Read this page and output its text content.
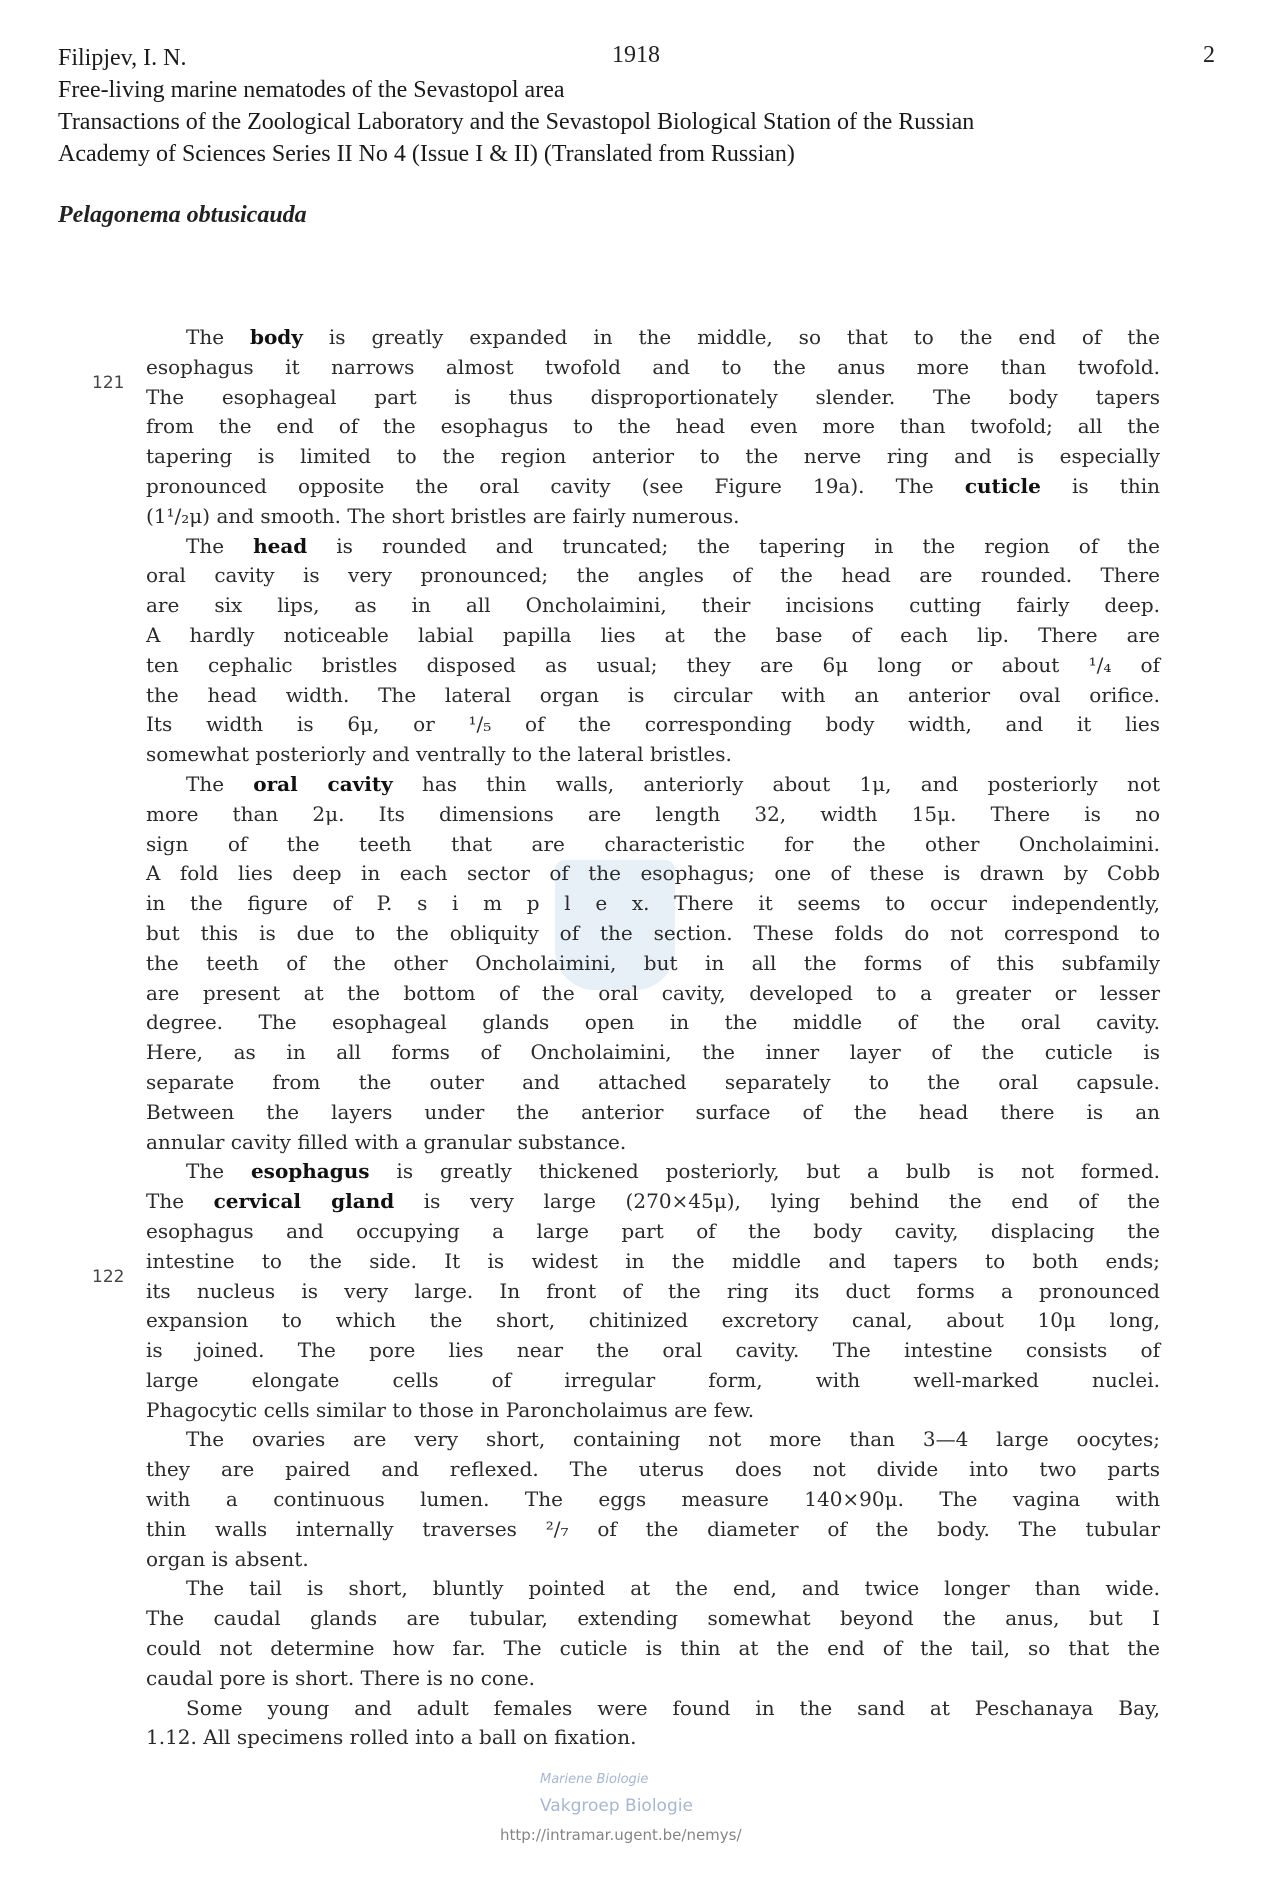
Filipjev, I. N.	1918	2
Free-living marine nematodes of the Sevastopol area
Transactions of the Zoological Laboratory and the Sevastopol Biological Station of the Russian
Academy of Sciences Series II No 4 (Issue I & II) (Translated from Russian)
Pelagonema obtusicauda
121
122
The body is greatly expanded in the middle, so that to the end of the
esophagus it narrows almost twofold and to the anus more than twofold.
The esophageal part is thus disproportionately slender. The body tapers
from the end of the esophagus to the head even more than twofold; all the
tapering is limited to the region anterior to the nerve ring and is especially
pronounced opposite the oral cavity (see Figure 19a). The cuticle is thin
(1¹/₂μ) and smooth. The short bristles are fairly numerous.
The head is rounded and truncated; the tapering in the region of the
oral cavity is very pronounced; the angles of the head are rounded. There
are six lips, as in all Oncholaimini, their incisions cutting fairly deep.
A hardly noticeable labial papilla lies at the base of each lip. There are
ten cephalic bristles disposed as usual; they are 6μ long or about ¹/₄ of
the head width. The lateral organ is circular with an anterior oval orifice.
Its width is 6μ, or ¹/₅ of the corresponding body width, and it lies
somewhat posteriorly and ventrally to the lateral bristles.
The oral cavity has thin walls, anteriorly about 1μ, and posteriorly not
more than 2μ. Its dimensions are length 32, width 15μ. There is no
sign of the teeth that are characteristic for the other Oncholaimini.
A fold lies deep in each sector of the esophagus; one of these is drawn by Cobb
in the figure of P. s i m p l e x. There it seems to occur independently,
but this is due to the obliquity of the section. These folds do not correspond to
the teeth of the other Oncholaimini, but in all the forms of this subfamily
are present at the bottom of the oral cavity, developed to a greater or lesser
degree. The esophageal glands open in the middle of the oral cavity.
Here, as in all forms of Oncholaimini, the inner layer of the cuticle is
separate from the outer and attached separately to the oral capsule.
Between the layers under the anterior surface of the head there is an
annular cavity filled with a granular substance.
The esophagus is greatly thickened posteriorly, but a bulb is not formed.
The cervical gland is very large (270×45μ), lying behind the end of the
esophagus and occupying a large part of the body cavity, displacing the
intestine to the side. It is widest in the middle and tapers to both ends;
its nucleus is very large. In front of the ring its duct forms a pronounced
expansion to which the short, chitinized excretory canal, about 10μ long,
is joined. The pore lies near the oral cavity. The intestine consists of
large elongate cells of irregular form, with well-marked nuclei.
Phagocytic cells similar to those in Paroncholaimus are few.
The ovaries are very short, containing not more than 3—4 large oocytes;
they are paired and reflexed. The uterus does not divide into two parts
with a continuous lumen. The eggs measure 140×90μ. The vagina with
thin walls internally traverses ²/₇ of the diameter of the body. The tubular
organ is absent.
The tail is short, bluntly pointed at the end, and twice longer than wide.
The caudal glands are tubular, extending somewhat beyond the anus, but I
could not determine how far. The cuticle is thin at the end of the tail, so that the
caudal pore is short. There is no cone.
Some young and adult females were found in the sand at Peschanaya Bay,
1.12. All specimens rolled into a ball on fixation.
Mariene Biologie
Vakgroep Biologie
http://intramar.ugent.be/nemys/
